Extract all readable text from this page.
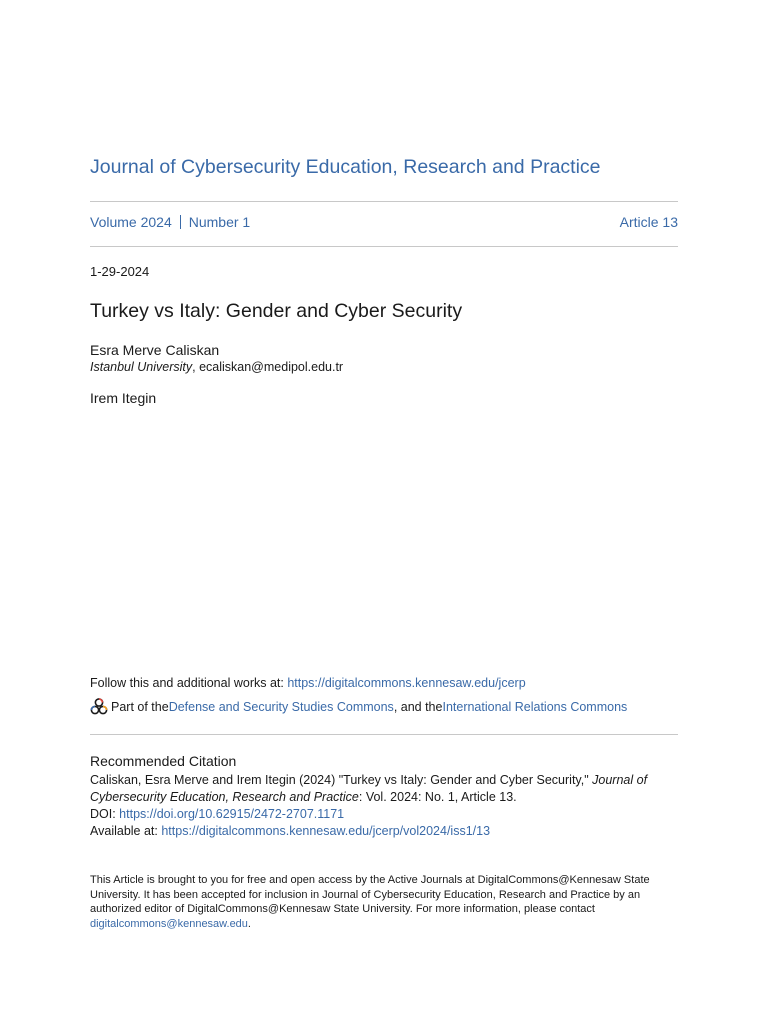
Journal of Cybersecurity Education, Research and Practice
Volume 2024 Number 1	Article 13
1-29-2024
Turkey vs Italy: Gender and Cyber Security
Esra Merve Caliskan
Istanbul University, ecaliskan@medipol.edu.tr
Irem Itegin
Follow this and additional works at: https://digitalcommons.kennesaw.edu/jcerp
Part of the Defense and Security Studies Commons , and the International Relations Commons
Recommended Citation
Caliskan, Esra Merve and Irem Itegin (2024) "Turkey vs Italy: Gender and Cyber Security," Journal of Cybersecurity Education, Research and Practice: Vol. 2024: No. 1, Article 13.
DOI: https://doi.org/10.62915/2472-2707.1171
Available at: https://digitalcommons.kennesaw.edu/jcerp/vol2024/iss1/13
This Article is brought to you for free and open access by the Active Journals at DigitalCommons@Kennesaw State University. It has been accepted for inclusion in Journal of Cybersecurity Education, Research and Practice by an authorized editor of DigitalCommons@Kennesaw State University. For more information, please contact digitalcommons@kennesaw.edu.
